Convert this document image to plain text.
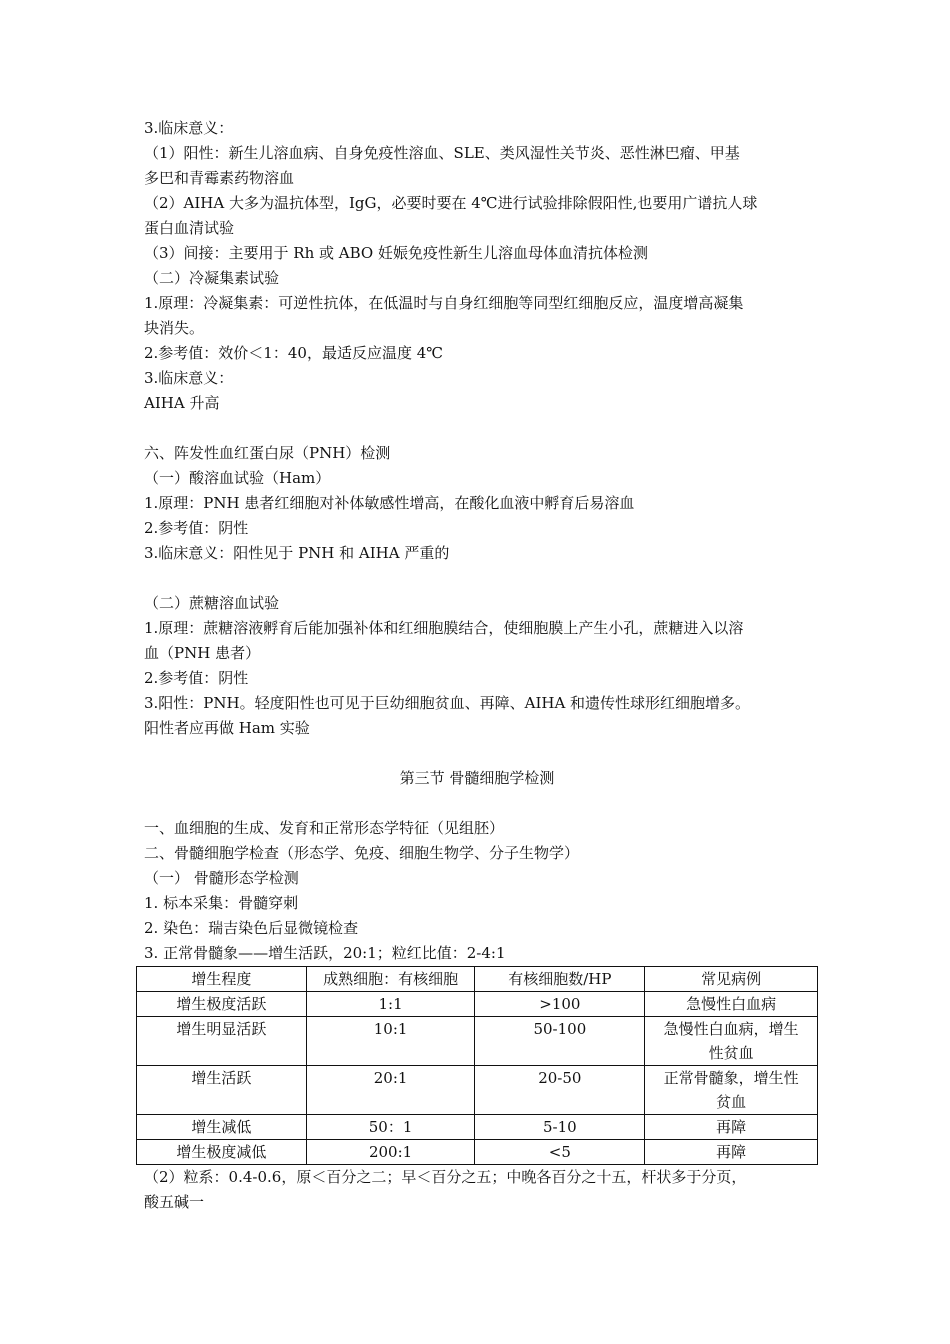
3.临床意义：
（1）阳性：新生儿溶血病、自身免疫性溶血、SLE、类风湿性关节炎、恶性淋巴瘤、甲基
多巴和青霉素药物溶血
（2）AIHA 大多为温抗体型，IgG，必要时要在 4℃进行试验排除假阳性,也要用广谱抗人球
蛋白血清试验
（3）间接：主要用于 Rh 或 ABO 妊娠免疫性新生儿溶血母体血清抗体检测
（二）冷凝集素试验
1.原理：冷凝集素：可逆性抗体，在低温时与自身红细胞等同型红细胞反应，温度增高凝集
块消失。
2.参考值：效价＜1：40，最适反应温度 4℃
3.临床意义：
AIHA 升高
六、阵发性血红蛋白尿（PNH）检测
（一）酸溶血试验（Ham）
1.原理：PNH 患者红细胞对补体敏感性增高，在酸化血液中孵育后易溶血
2.参考值：阴性
3.临床意义：阳性见于 PNH 和 AIHA 严重的
（二）蔗糖溶血试验
1.原理：蔗糖溶液孵育后能加强补体和红细胞膜结合，使细胞膜上产生小孔，蔗糖进入以溶
血（PNH 患者）
2.参考值：阴性
3.阳性：PNH。轻度阳性也可见于巨幼细胞贫血、再障、AIHA 和遗传性球形红细胞增多。
阳性者应再做 Ham 实验
第三节 骨髓细胞学检测
一、血细胞的生成、发育和正常形态学特征（见组胚）
二、骨髓细胞学检查（形态学、免疫、细胞生物学、分子生物学）
（一） 骨髓形态学检测
1. 标本采集：骨髓穿刺
2. 染色：瑞吉染色后显微镜检查
3. 正常骨髓象——增生活跃，20:1；粒红比值：2-4:1
增生程度	成熟细胞：有核细胞	有核细胞数/HP	常见病例
增生极度活跃	1:1	>100	急慢性白血病
增生明显活跃	10:1	50-100	急慢性白血病，增生
性贫血
增生活跃	20:1	20-50	正常骨髓象，增生性
贫血
增生减低	50：1	5-10	再障
增生极度减低	200:1	<5	再障
（2）粒系：0.4-0.6，原＜百分之二；早＜百分之五；中晚各百分之十五，杆状多于分页，
酸五碱一
